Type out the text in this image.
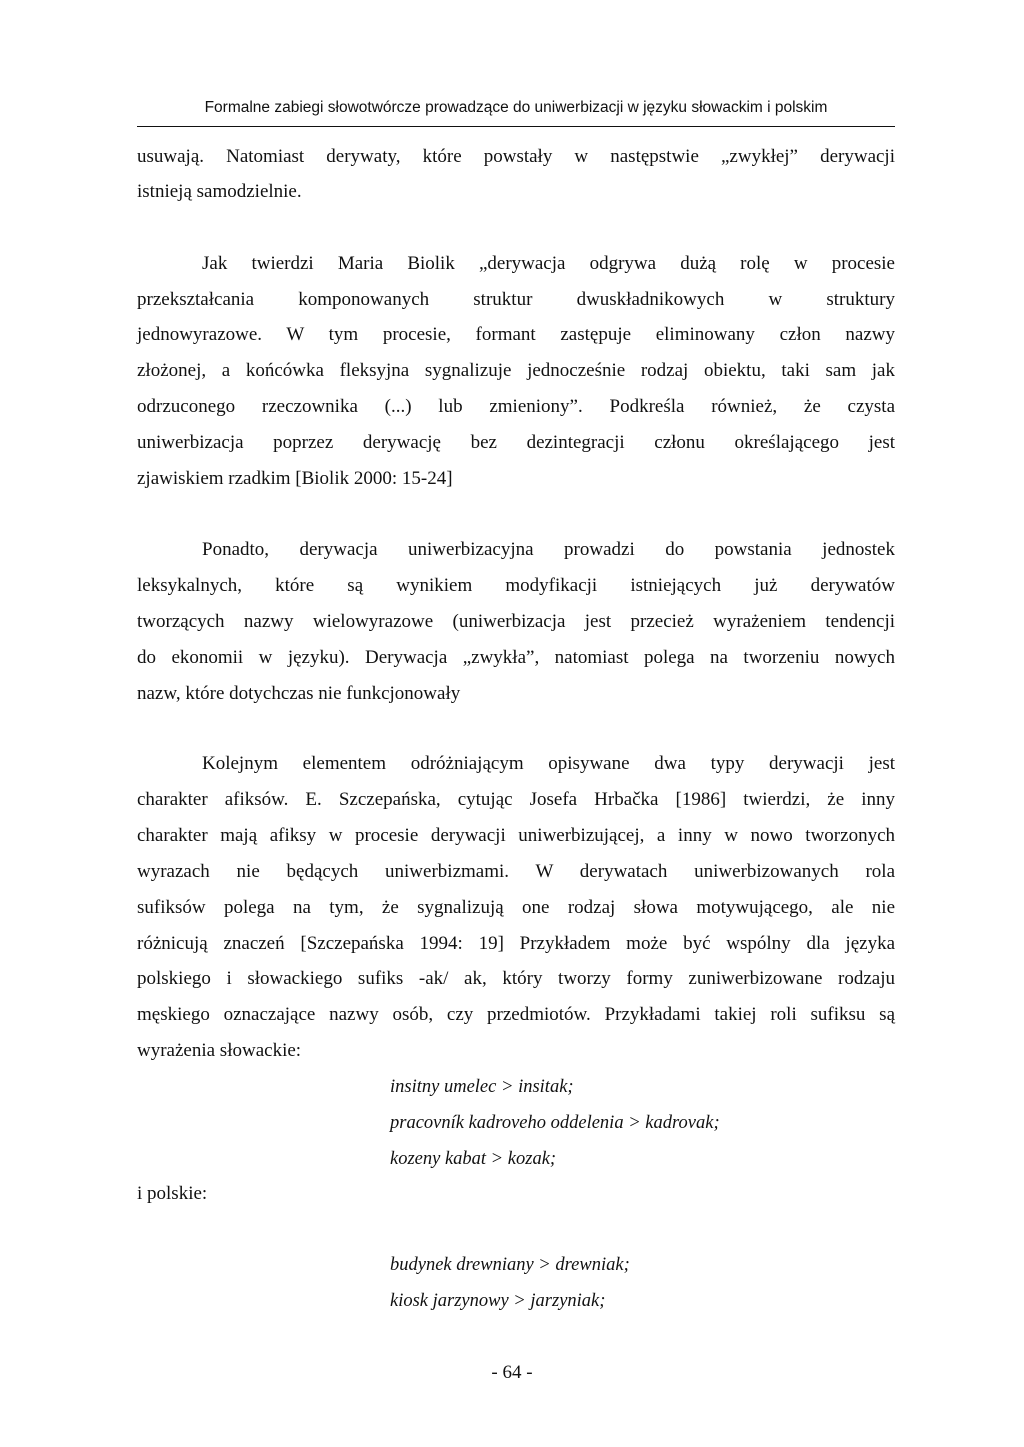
Formalne zabiegi słowotwórcze prowadzące do uniwerbizacji w języku słowackim i polskim
usuwają. Natomiast derywaty, które powstały w następstwie „zwykłej” derywacji
istnieją samodzielnie.
Jak twierdzi Maria Biolik „derywacja odgrywa dużą rolę w procesie
przekształcania komponowanych struktur dwuskładnikowych w struktury
jednowyrazowe. W tym procesie, formant zastępuje eliminowany człon nazwy
złożonej, a końcówka fleksyjna sygnalizuje jednocześnie rodzaj obiektu, taki sam jak
odrzuconego rzeczownika (...) lub zmieniony”. Podkreśla również, że czysta
uniwerbizacja poprzez derywację bez dezintegracji członu określającego jest
zjawiskiem rzadkim [Biolik 2000: 15-24]
Ponadto, derywacja uniwerbizacyjna prowadzi do powstania jednostek
leksykalnych, które są wynikiem modyfikacji istniejących już derywatów
tworzących nazwy wielowyrazowe (uniwerbizacja jest przecież wyrażeniem tendencji
do ekonomii w języku). Derywacja „zwykła”, natomiast polega na tworzeniu nowych
nazw, które dotychczas nie funkcjonowały
Kolejnym elementem odróżniającym opisywane dwa typy derywacji jest
charakter afiksów. E. Szczepańska, cytując Josefa Hrbačka [1986] twierdzi, że inny
charakter mają afiksy w procesie derywacji uniwerbizującej, a inny w nowo tworzonych
wyrazach nie będących uniwerbizmami. W derywatach uniwerbizowanych rola
sufiksów polega na tym, że sygnalizują one rodzaj słowa motywującego, ale nie
różnicują znaczeń [Szczepańska 1994: 19] Przykładem może być wspólny dla języka
polskiego i słowackiego sufiks -ak/ ak, który tworzy formy zuniwerbizowane rodzaju
męskiego oznaczające nazwy osób, czy przedmiotów. Przykładami takiej roli sufiksu są
wyrażenia słowackie:
insitny umelec > insitak;
pracovník kadroveho oddelenia > kadrovak;
kozeny kabat > kozak;
i polskie:
budynek drewniany > drewniak;
kiosk jarzynowy > jarzyniak;
- 64 -
